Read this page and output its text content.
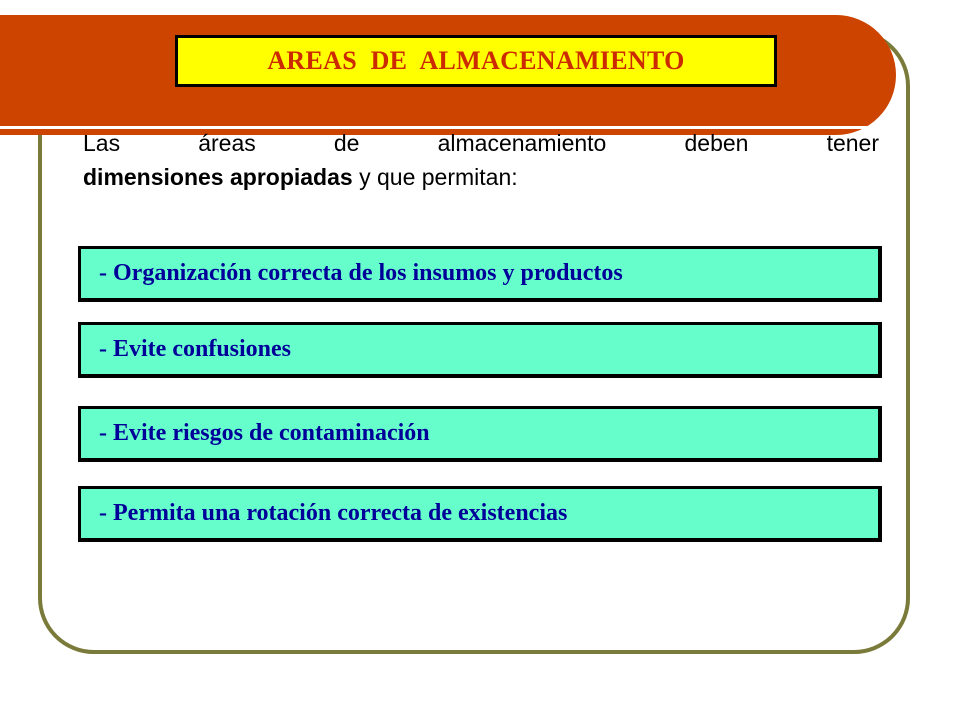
AREAS  DE  ALMACENAMIENTO
Las áreas de almacenamiento deben tener
dimensiones apropiadas y que permitan:
- Organización correcta de los insumos y productos
- Evite confusiones
- Evite riesgos de contaminación
- Permita una rotación correcta de existencias
